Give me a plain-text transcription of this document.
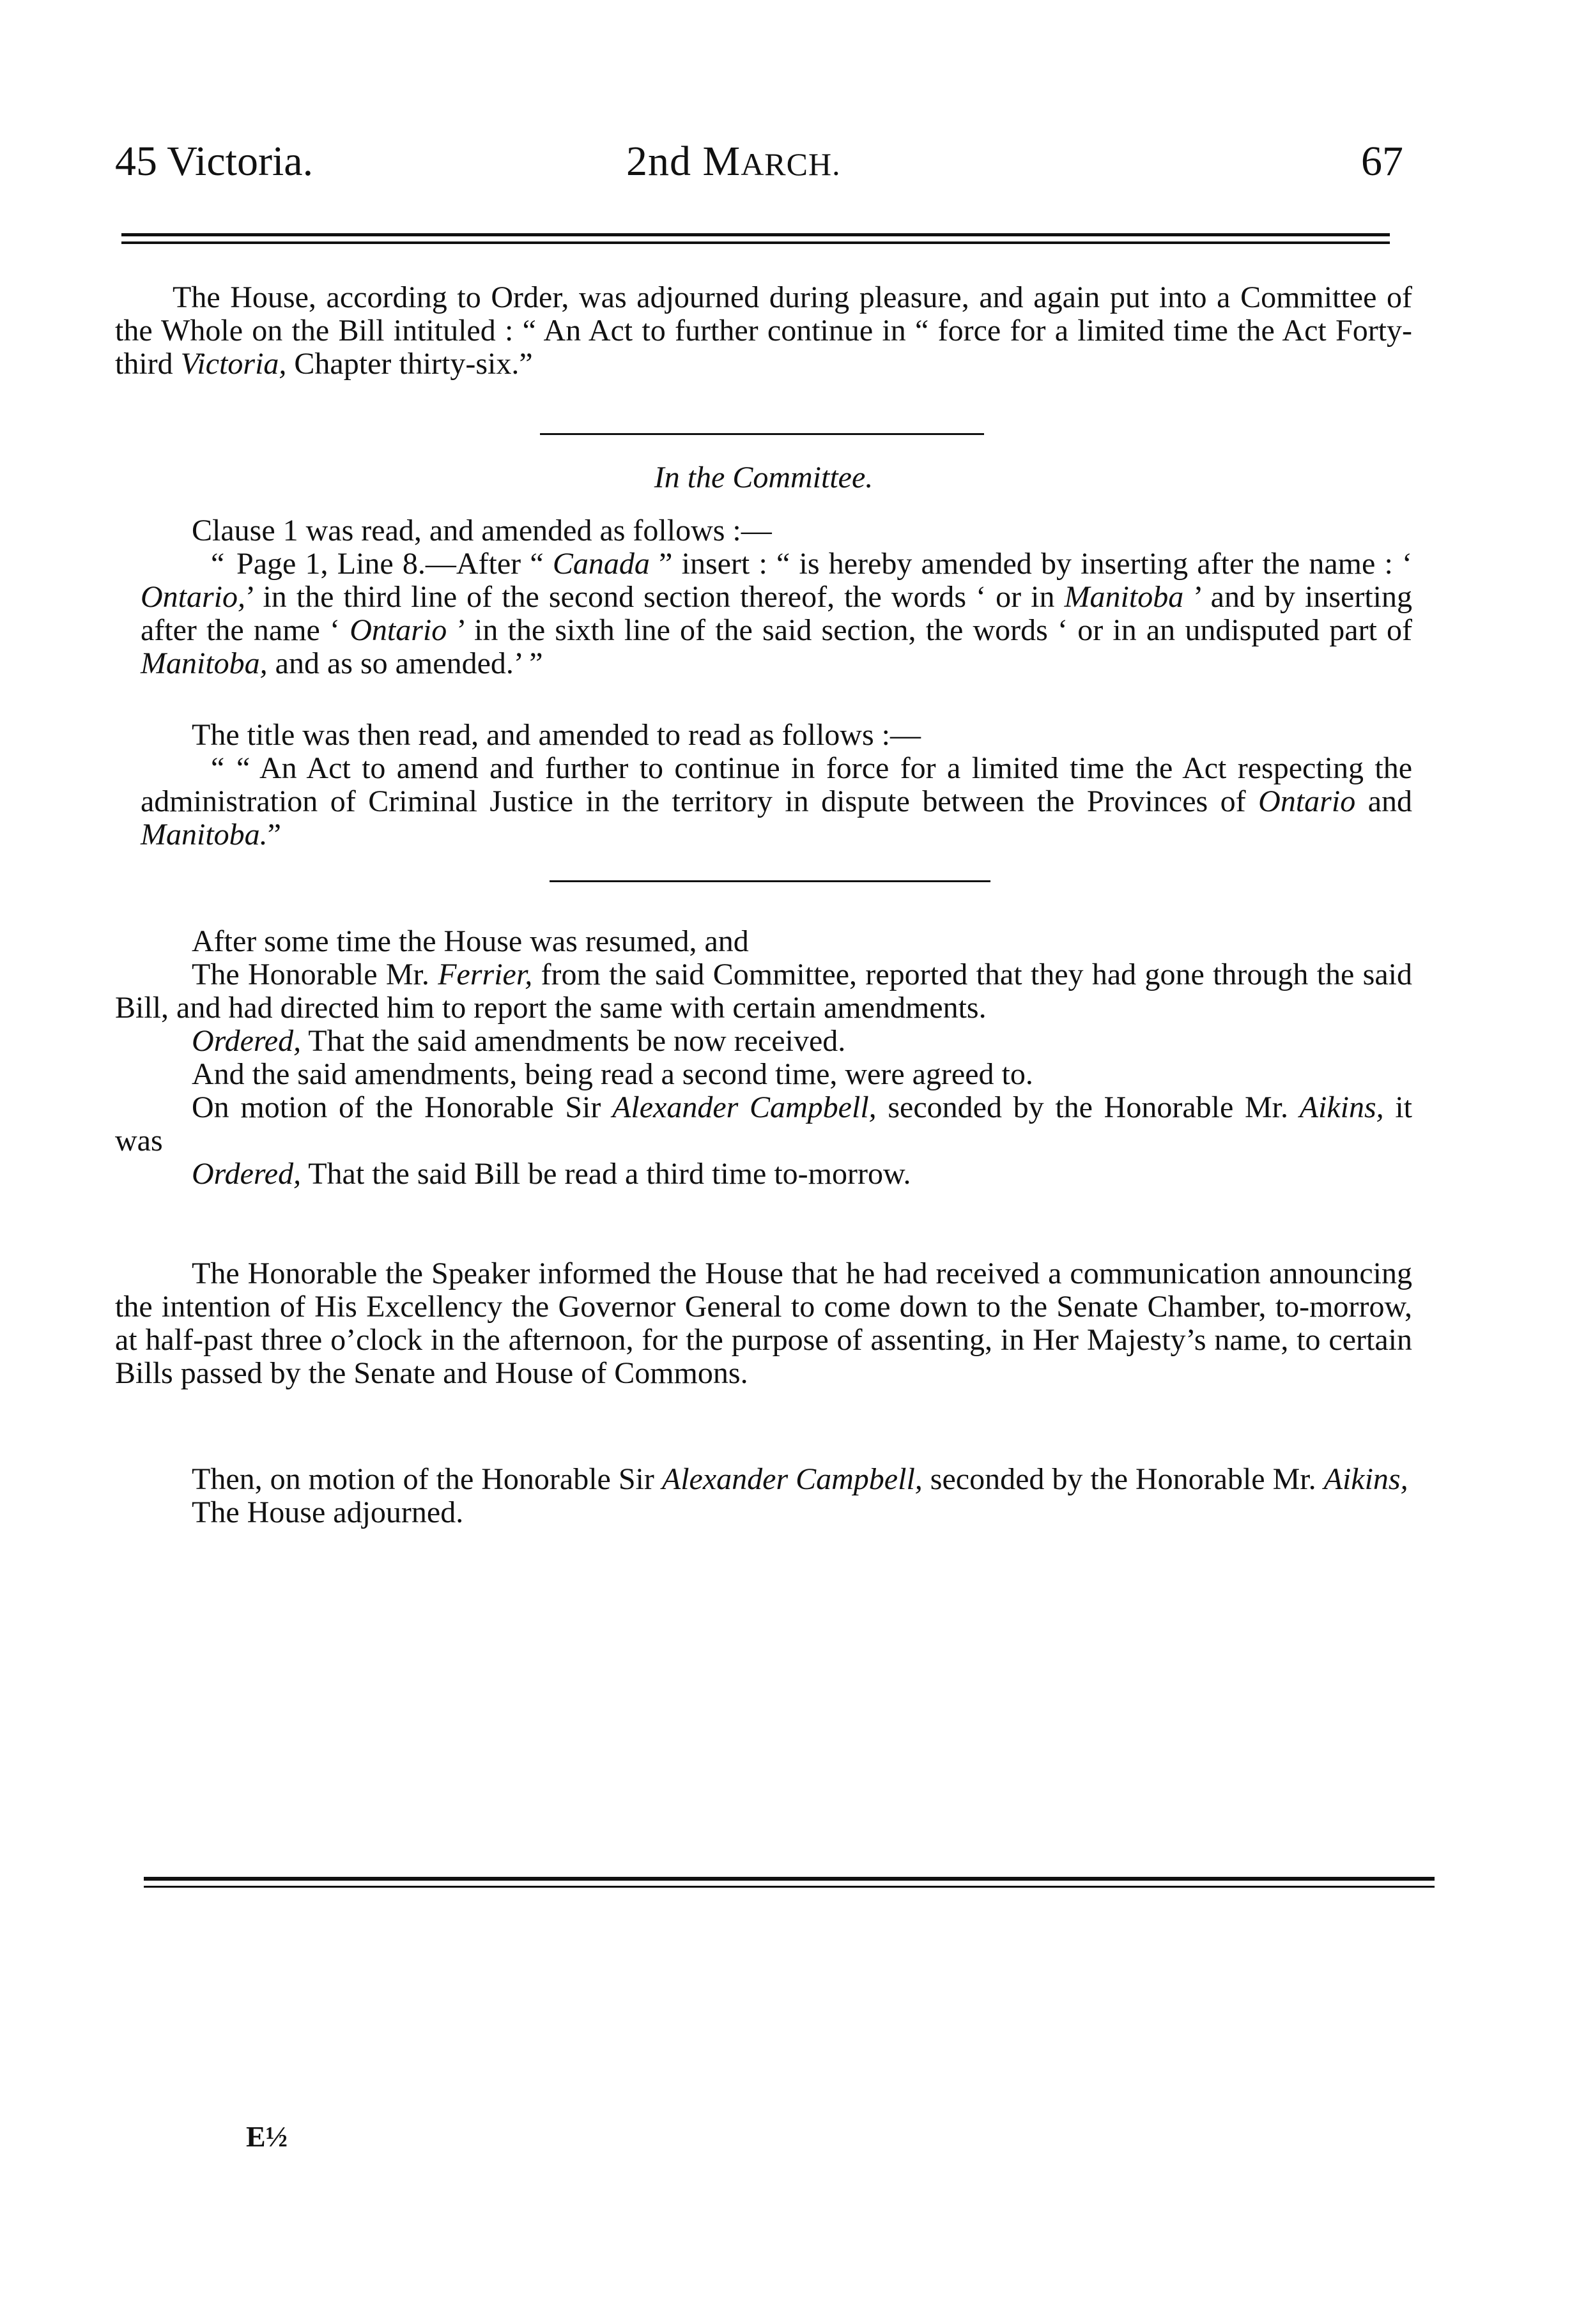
45 Victoria.	2nd MARCH.	67

The House, according to Order, was adjourned during pleasure, and again put into a Committee of the Whole on the Bill intituled : “ An Act to further continue in “ force for a limited time the Act Forty-third Victoria, Chapter thirty-six.”

In the Committee.

Clause 1 was read, and amended as follows :—

“ Page 1, Line 8.—After “ Canada ” insert : “ is hereby amended by inserting after the name : ‘ Ontario,’ in the third line of the second section thereof, the words ‘ or in Manitoba ’ and by inserting after the name ‘ Ontario ’ in the sixth line of the said section, the words ‘ or in an undisputed part of Manitoba, and as so amended.’ ”

The title was then read, and amended to read as follows :—

“ “ An Act to amend and further to continue in force for a limited time the Act respecting the administration of Criminal Justice in the territory in dispute between the Provinces of Ontario and Manitoba.”

After some time the House was resumed, and

The Honorable Mr. Ferrier, from the said Committee, reported that they had gone through the said Bill, and had directed him to report the same with certain amendments.

Ordered, That the said amendments be now received.

And the said amendments, being read a second time, were agreed to.

On motion of the Honorable Sir Alexander Campbell, seconded by the Honorable Mr. Aikins, it was

Ordered, That the said Bill be read a third time to-morrow.

The Honorable the Speaker informed the House that he had received a communication announcing the intention of His Excellency the Governor General to come down to the Senate Chamber, to-morrow, at half-past three o’clock in the afternoon, for the purpose of assenting, in Her Majesty’s name, to certain Bills passed by the Senate and House of Commons.

Then, on motion of the Honorable Sir Alexander Campbell, seconded by the Honorable Mr. Aikins,

The House adjourned.

E½
